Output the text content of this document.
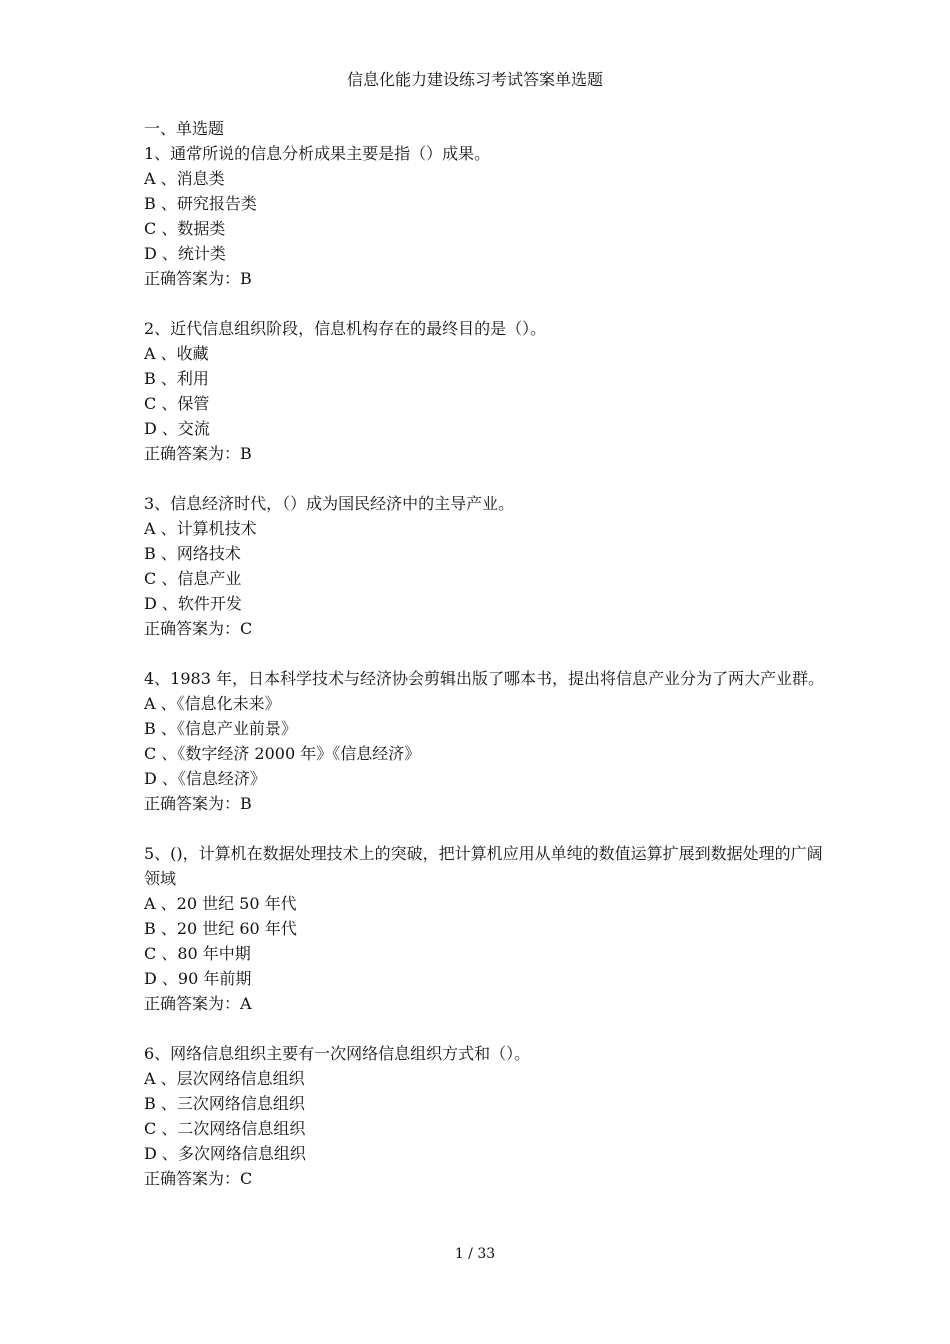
信息化能力建设练习考试答案单选题
一、单选题
1、通常所说的信息分析成果主要是指（）成果。
A 、消息类
B 、研究报告类
C 、数据类
D 、统计类
正确答案为：B
2、近代信息组织阶段，信息机构存在的最终目的是（）。
A 、收藏
B 、利用
C 、保管
D 、交流
正确答案为：B
3、信息经济时代，（）成为国民经济中的主导产业。
A 、计算机技术
B 、网络技术
C 、信息产业
D 、软件开发
正确答案为：C
4、1983 年，日本科学技术与经济协会剪辑出版了哪本书，提出将信息产业分为了两大产业群。
A 、《信息化未来》
B 、《信息产业前景》
C 、《数字经济 2000 年》《信息经济》
D 、《信息经济》
正确答案为：B
5、()，计算机在数据处理技术上的突破，把计算机应用从单纯的数值运算扩展到数据处理的广阔领域
A 、20 世纪 50 年代
B 、20 世纪 60 年代
C 、80 年中期
D 、90 年前期
正确答案为：A
6、网络信息组织主要有一次网络信息组织方式和（）。
A 、层次网络信息组织
B 、三次网络信息组织
C 、二次网络信息组织
D 、多次网络信息组织
正确答案为：C
1 / 33
